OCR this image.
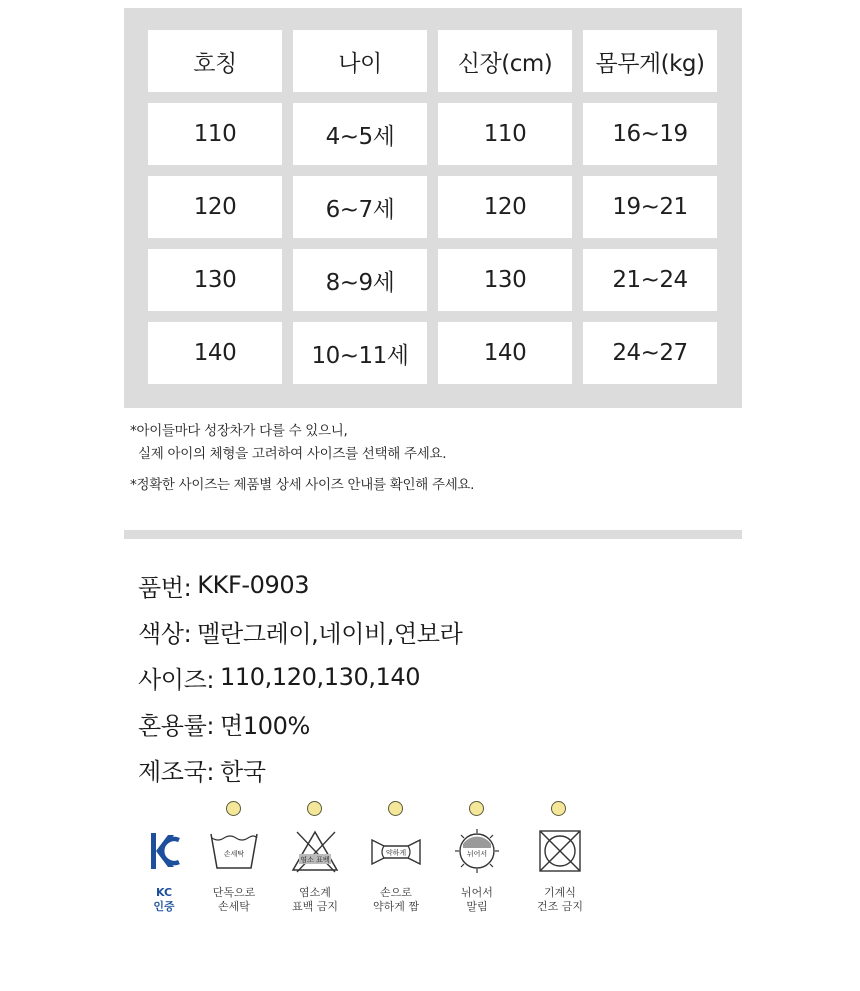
호칭	나이	신장(cm)	몸무게(kg)
110	4~5세	110	16~19
120	6~7세	120	19~21
130	8~9세	130	21~24
140	10~11세	140	24~27
*아이들마다 성장차가 다를 수 있으니,
실제 아이의 체형을 고려하여 사이즈를 선택해 주세요.
*정확한 사이즈는 제품별 상세 사이즈 안내를 확인해 주세요.
품번: KKF-0903
색상: 멜란그레이,네이비,연보라
사이즈: 110,120,130,140
혼용률: 면100%
제조국: 한국
KC
인증
손세탁
단독으로
손세탁
염소 표백
염소계
표백 금지
약하게
손으로
약하게 짬
뉘어서
뉘어서
말림
기계식
건조 금지
